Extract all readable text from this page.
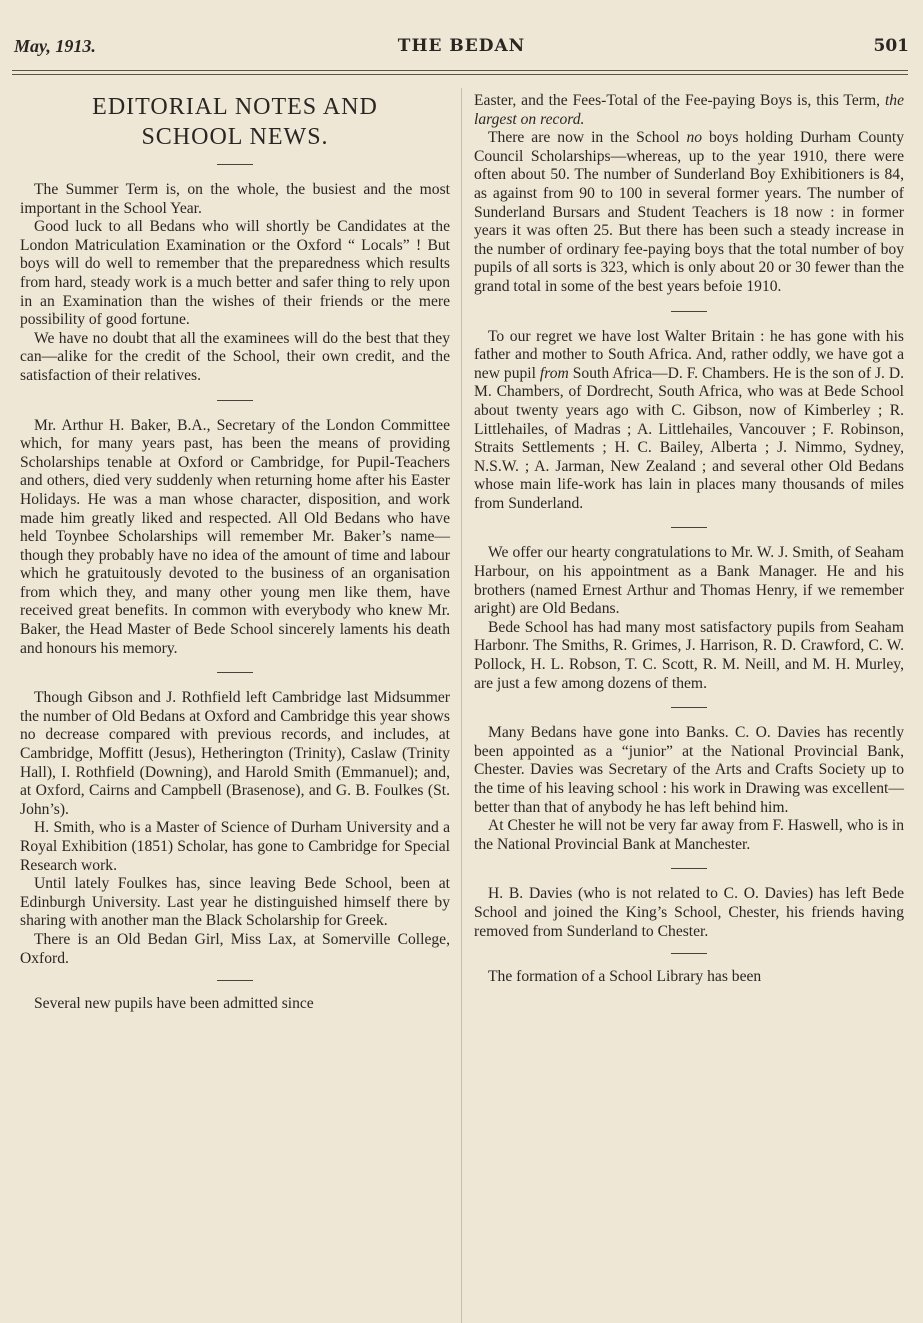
May, 1913.	THE BEDAN	501
EDITORIAL NOTES AND
SCHOOL NEWS.

The Summer Term is, on the whole, the busiest and the most important in the School Year.

Good luck to all Bedans who will shortly be Candidates at the London Matriculation Examination or the Oxford “ Locals” ! But boys will do well to remember that the preparedness which results from hard, steady work is a much better and safer thing to rely upon in an Examination than the wishes of their friends or the mere possibility of good fortune.

We have no doubt that all the examinees will do the best that they can—alike for the credit of the School, their own credit, and the satisfaction of their relatives.

Mr. Arthur H. Baker, B.A., Secretary of the London Committee which, for many years past, has been the means of providing Scholarships tenable at Oxford or Cambridge, for Pupil-Teachers and others, died very suddenly when returning home after his Easter Holidays. He was a man whose character, disposition, and work made him greatly liked and respected. All Old Bedans who have held Toynbee Scholarships will remember Mr. Baker’s name—though they probably have no idea of the amount of time and labour which he gratuitously devoted to the business of an organisation from which they, and many other young men like them, have received great benefits. In common with everybody who knew Mr. Baker, the Head Master of Bede School sincerely laments his death and honours his memory.

Though Gibson and J. Rothfield left Cambridge last Midsummer the number of Old Bedans at Oxford and Cambridge this year shows no decrease compared with previous records, and includes, at Cambridge, Moffitt (Jesus), Hetherington (Trinity), Caslaw (Trinity Hall), I. Rothfield (Downing), and Harold Smith (Emmanuel); and, at Oxford, Cairns and Campbell (Brasenose), and G. B. Foulkes (St. John’s).

H. Smith, who is a Master of Science of Durham University and a Royal Exhibition (1851) Scholar, has gone to Cambridge for Special Research work.

Until lately Foulkes has, since leaving Bede School, been at Edinburgh University. Last year he distinguished himself there by sharing with another man the Black Scholarship for Greek.

There is an Old Bedan Girl, Miss Lax, at Somerville College, Oxford.

Several new pupils have been admitted since

Easter, and the Fees-Total of the Fee-paying Boys is, this Term, the largest on record.

There are now in the School no boys holding Durham County Council Scholarships—whereas, up to the year 1910, there were often about 50. The number of Sunderland Boy Exhibitioners is 84, as against from 90 to 100 in several former years. The number of Sunderland Bursars and Student Teachers is 18 now : in former years it was often 25. But there has been such a steady increase in the number of ordinary fee-paying boys that the total number of boy pupils of all sorts is 323, which is only about 20 or 30 fewer than the grand total in some of the best years befoie 1910.

To our regret we have lost Walter Britain : he has gone with his father and mother to South Africa. And, rather oddly, we have got a new pupil from South Africa—D. F. Chambers. He is the son of J. D. M. Chambers, of Dordrecht, South Africa, who was at Bede School about twenty years ago with C. Gibson, now of Kimberley ; R. Littlehailes, of Madras ; A. Littlehailes, Vancouver ; F. Robinson, Straits Settlements ; H. C. Bailey, Alberta ; J. Nimmo, Sydney, N.S.W. ; A. Jarman, New Zealand ; and several other Old Bedans whose main life-work has lain in places many thousands of miles from Sunderland.

We offer our hearty congratulations to Mr. W. J. Smith, of Seaham Harbour, on his appointment as a Bank Manager. He and his brothers (named Ernest Arthur and Thomas Henry, if we remember aright) are Old Bedans.

Bede School has had many most satisfactory pupils from Seaham Harbonr. The Smiths, R. Grimes, J. Harrison, R. D. Crawford, C. W. Pollock, H. L. Robson, T. C. Scott, R. M. Neill, and M. H. Murley, are just a few among dozens of them.

Many Bedans have gone into Banks. C. O. Davies has recently been appointed as a “junior” at the National Provincial Bank, Chester. Davies was Secretary of the Arts and Crafts Society up to the time of his leaving school : his work in Drawing was excellent—better than that of anybody he has left behind him.

At Chester he will not be very far away from F. Haswell, who is in the National Provincial Bank at Manchester.

H. B. Davies (who is not related to C. O. Davies) has left Bede School and joined the King’s School, Chester, his friends having removed from Sunderland to Chester.

The formation of a School Library has been
